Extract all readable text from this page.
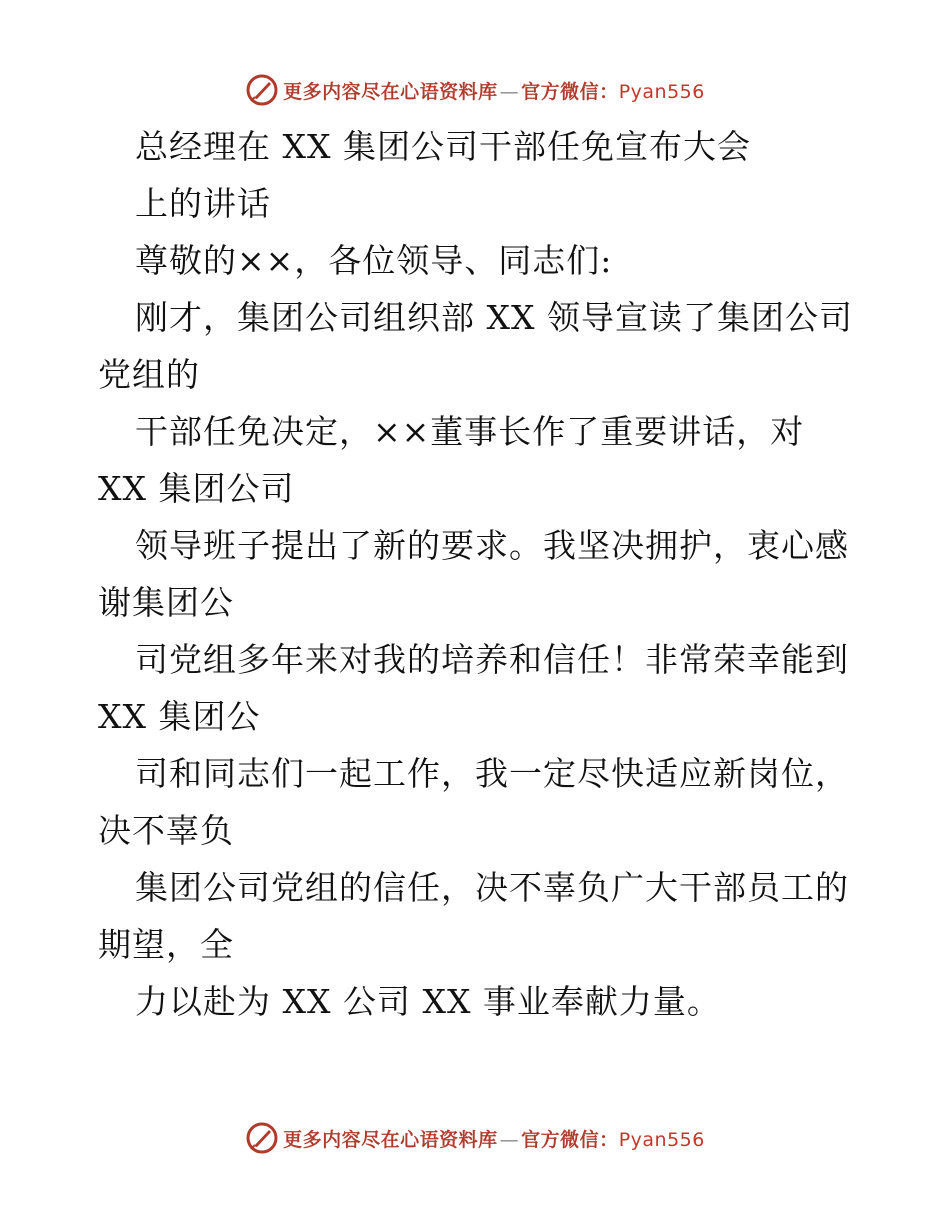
更多内容尽在心语资料库 — 官方微信：Pyan556
总经理在 XX 集团公司干部任免宣布大会
上的讲话
尊敬的××，各位领导、同志们:
刚才，集团公司组织部 XX 领导宣读了集团公司
党组的
干部任免决定，××董事长作了重要讲话，对
XX 集团公司
领导班子提出了新的要求。我坚决拥护，衷心感
谢集团公
司党组多年来对我的培养和信任！非常荣幸能到
XX 集团公
司和同志们一起工作，我一定尽快适应新岗位，
决不辜负
集团公司党组的信任，决不辜负广大干部员工的
期望，全
力以赴为 XX 公司 XX 事业奉献力量。
更多内容尽在心语资料库 — 官方微信：Pyan556
